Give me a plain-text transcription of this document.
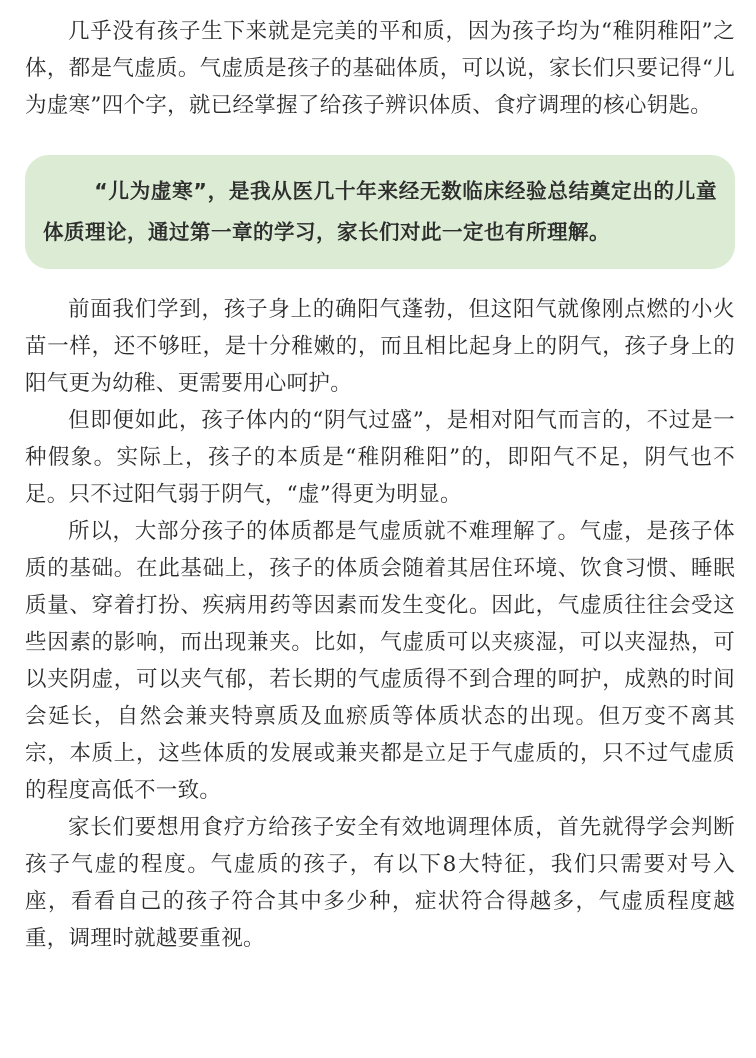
几乎没有孩子生下来就是完美的平和质，因为孩子均为“稚阴稚阳”之体，都是气虚质。气虚质是孩子的基础体质，可以说，家长们只要记得“儿为虚寒”四个字，就已经掌握了给孩子辨识体质、食疗调理的核心钥匙。

“儿为虚寒”，是我从医几十年来经无数临床经验总结奠定出的儿童体质理论，通过第一章的学习，家长们对此一定也有所理解。

前面我们学到，孩子身上的确阳气蓬勃，但这阳气就像刚点燃的小火苗一样，还不够旺，是十分稚嫩的，而且相比起身上的阴气，孩子身上的阳气更为幼稚、更需要用心呵护。

但即便如此，孩子体内的“阴气过盛”，是相对阳气而言的，不过是一种假象。实际上，孩子的本质是“稚阴稚阳”的，即阳气不足，阴气也不足。只不过阳气弱于阴气，“虚”得更为明显。

所以，大部分孩子的体质都是气虚质就不难理解了。气虚，是孩子体质的基础。在此基础上，孩子的体质会随着其居住环境、饮食习惯、睡眠质量、穿着打扮、疾病用药等因素而发生变化。因此，气虚质往往会受这些因素的影响，而出现兼夹。比如，气虚质可以夹痰湿，可以夹湿热，可以夹阴虚，可以夹气郁，若长期的气虚质得不到合理的呵护，成熟的时间会延长，自然会兼夹特禀质及血瘀质等体质状态的出现。但万变不离其宗，本质上，这些体质的发展或兼夹都是立足于气虚质的，只不过气虚质的程度高低不一致。

家长们要想用食疗方给孩子安全有效地调理体质，首先就得学会判断孩子气虚的程度。气虚质的孩子，有以下8大特征，我们只需要对号入座，看看自己的孩子符合其中多少种，症状符合得越多，气虚质程度越重，调理时就越要重视。
